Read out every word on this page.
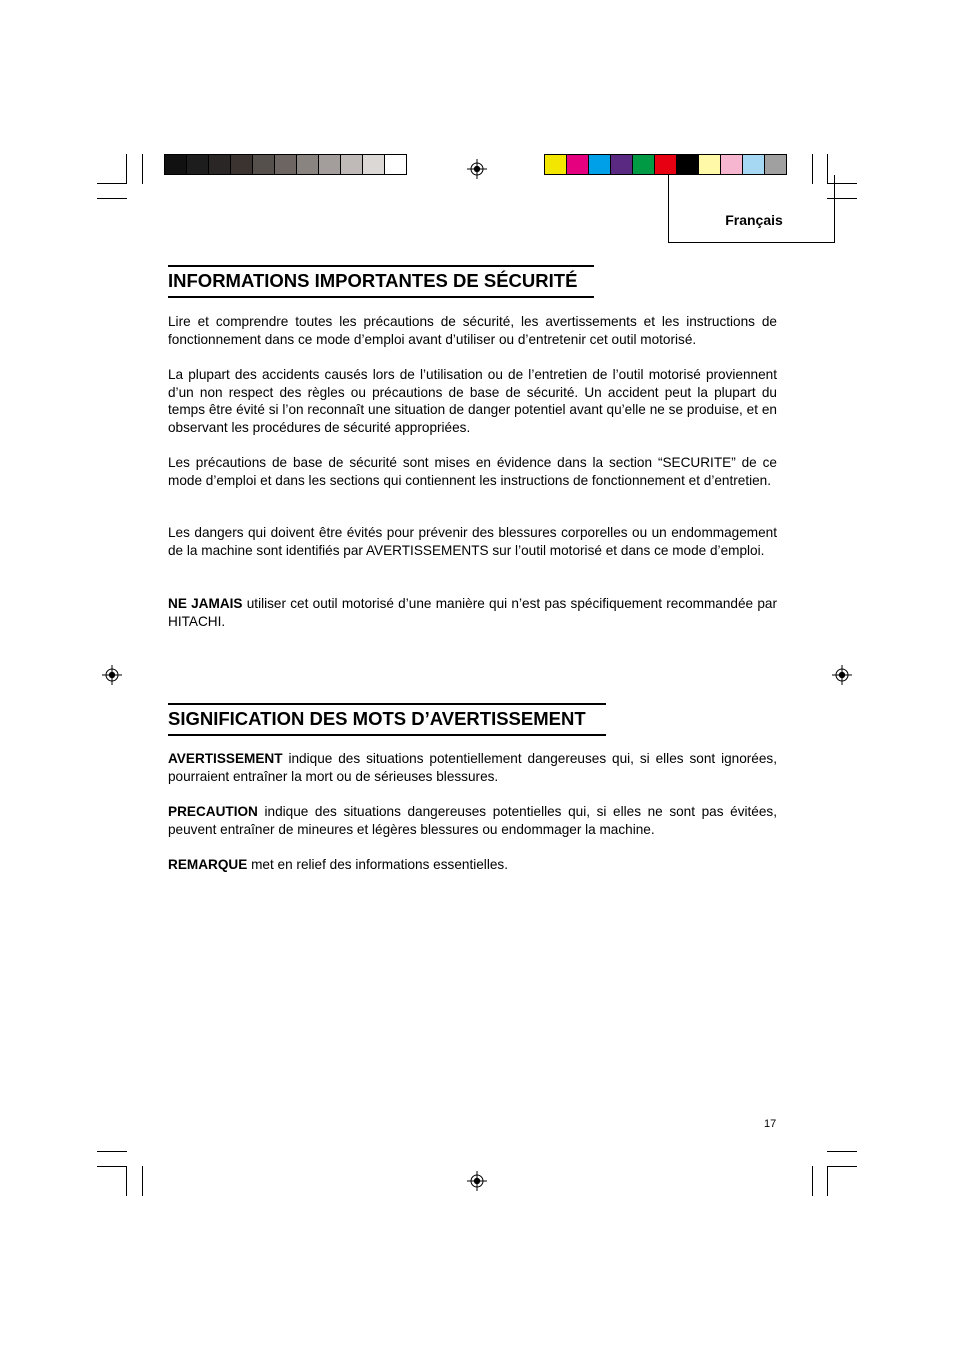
Français
INFORMATIONS IMPORTANTES DE SÉCURITÉ
Lire et comprendre toutes les précautions de sécurité, les avertissements et les instructions de fonctionnement dans ce mode d’emploi avant d’utiliser ou d’entretenir cet outil motorisé.
La plupart des accidents causés lors de l’utilisation ou de l’entretien de l’outil motorisé proviennent d’un non respect des règles ou précautions de base de sécurité. Un accident peut la plupart du temps être évité si l’on reconnaît une situation de danger potentiel avant qu’elle ne se produise, et en observant les procédures de sécurité appropriées.
Les précautions de base de sécurité sont mises en évidence dans la section “SECURITE” de ce mode d’emploi et dans les sections qui contiennent les instructions de fonctionnement et d’entretien.
Les dangers qui doivent être évités pour prévenir des blessures corporelles ou un endommagement de la machine sont identifiés par AVERTISSEMENTS sur l’outil motorisé et dans ce mode d’emploi.
NE JAMAIS utiliser cet outil motorisé d’une manière qui n’est pas spécifiquement recommandée par HITACHI.
SIGNIFICATION DES MOTS D’AVERTISSEMENT
AVERTISSEMENT indique des situations potentiellement dangereuses qui, si elles sont ignorées, pourraient entraîner la mort ou de sérieuses blessures.
PRECAUTION indique des situations dangereuses potentielles qui, si elles ne sont pas évitées, peuvent entraîner de mineures et légères blessures ou endommager la machine.
REMARQUE met en relief des informations essentielles.
17
